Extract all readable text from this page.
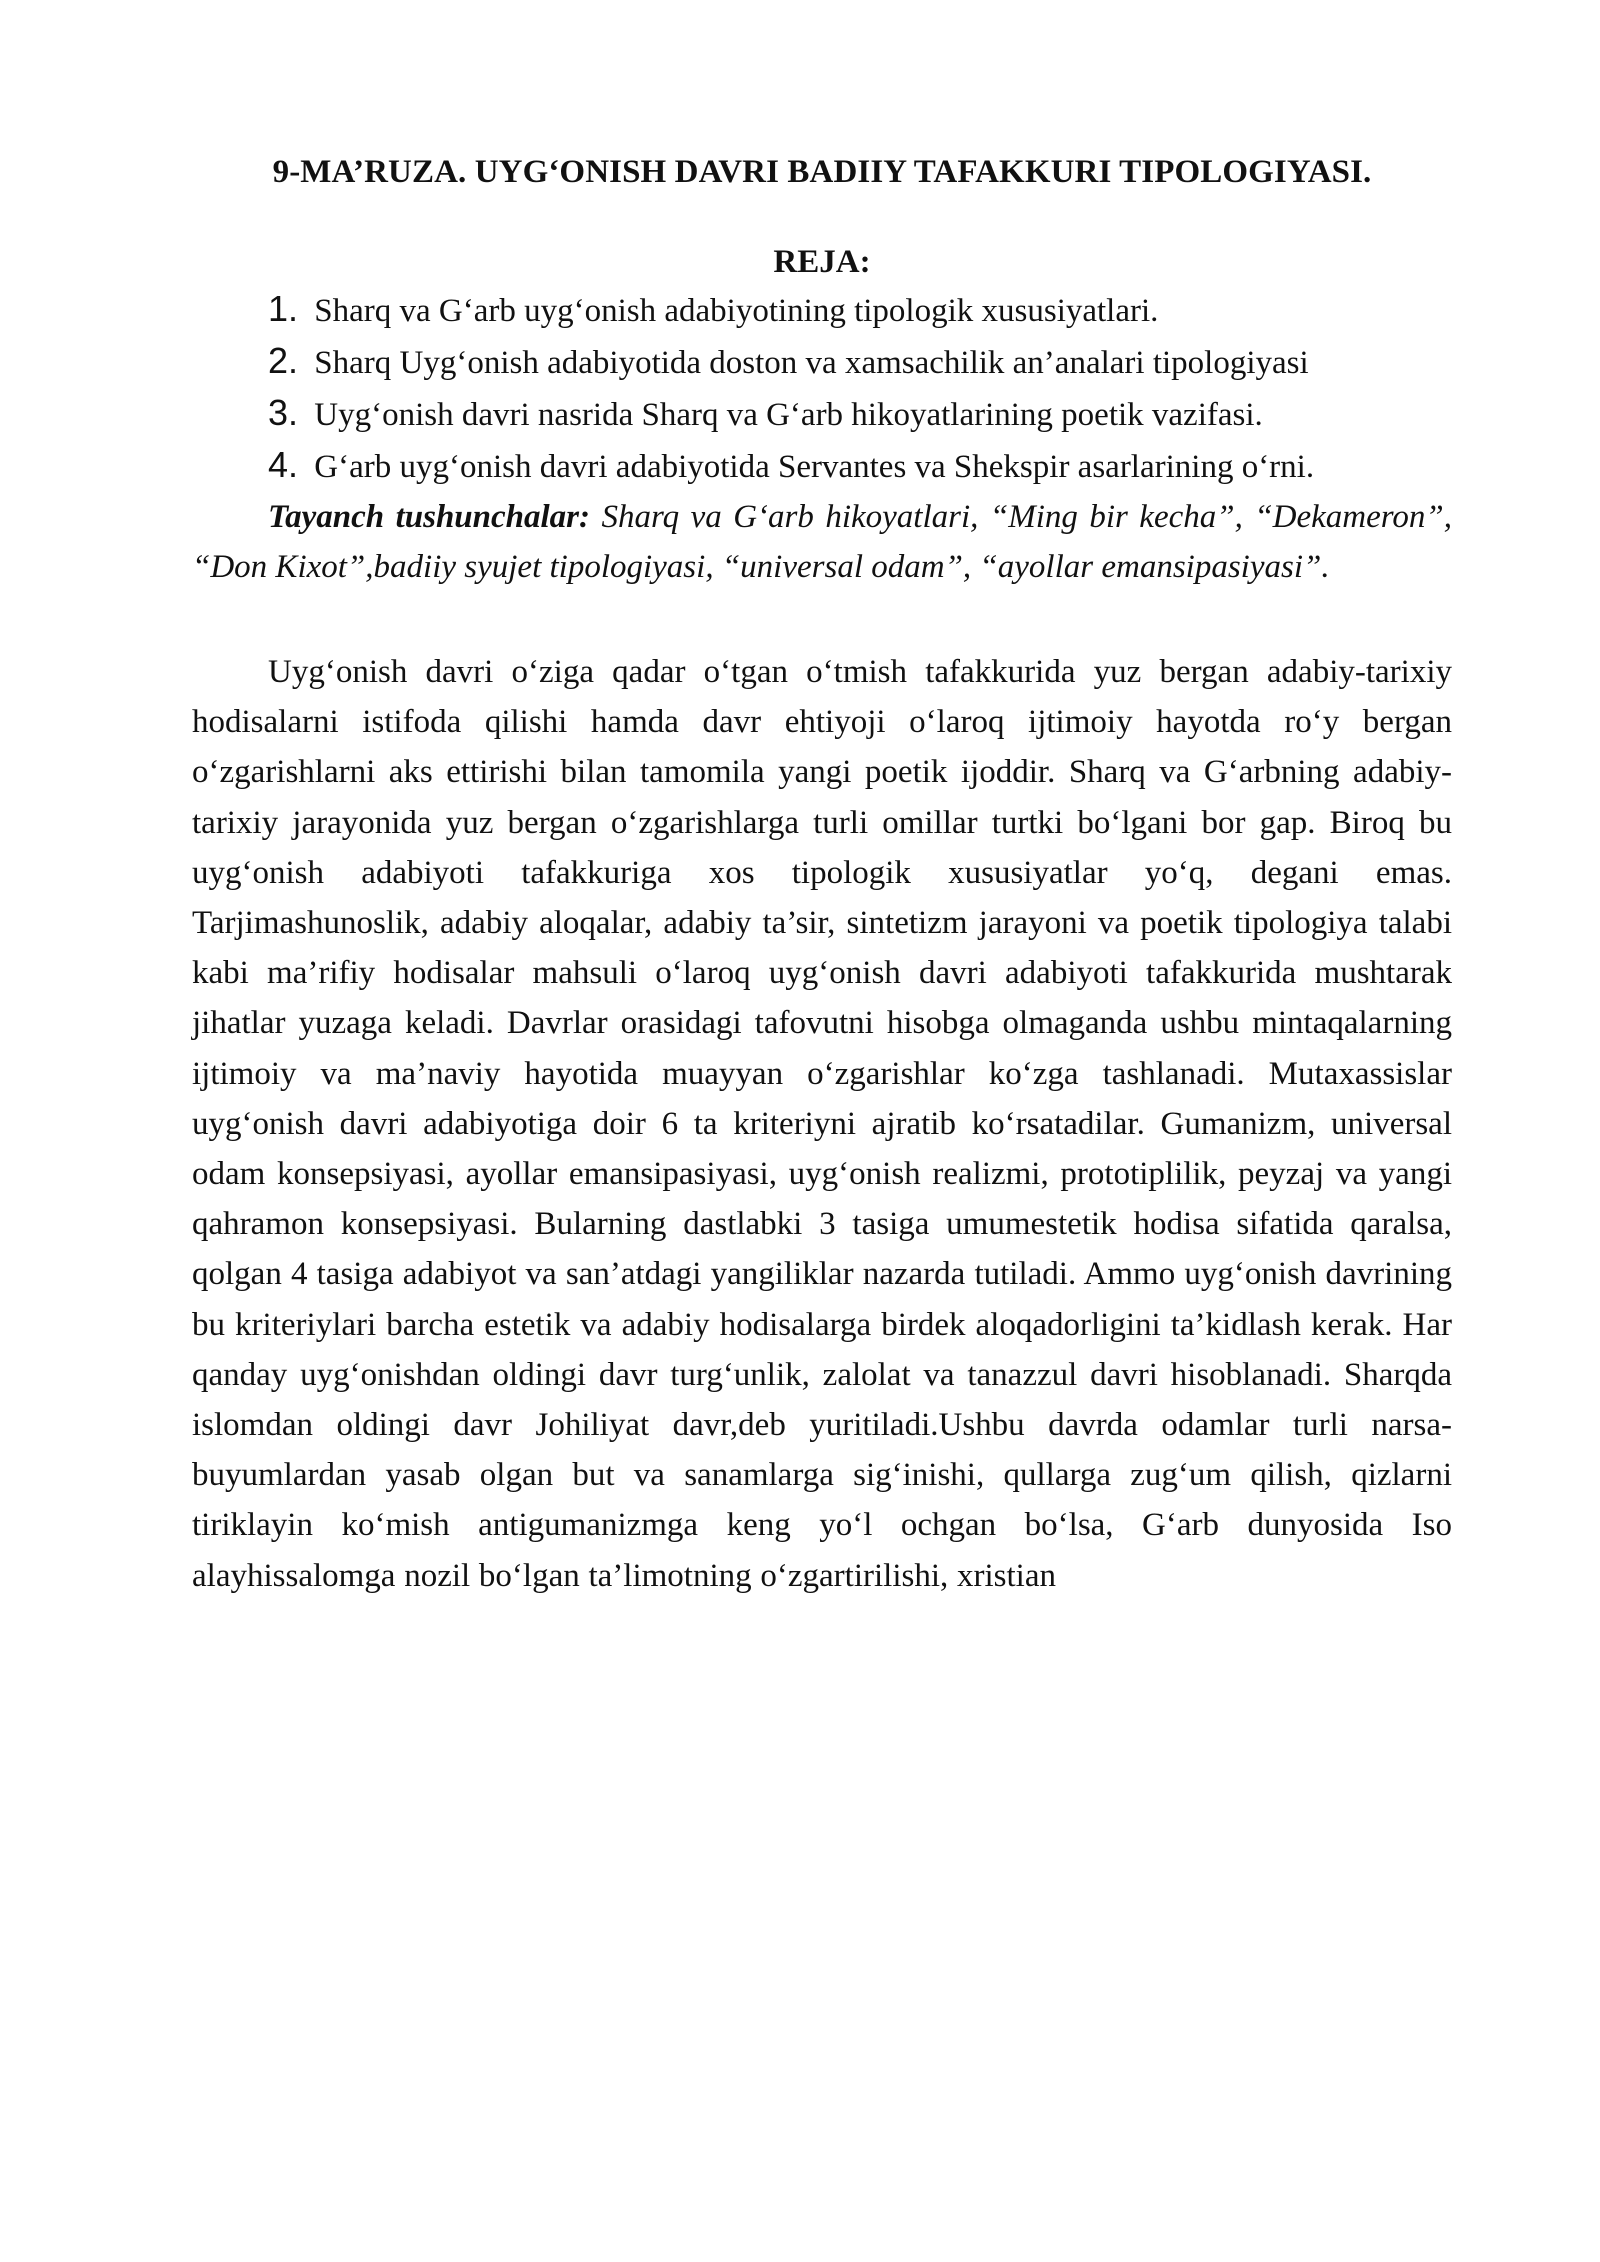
9-MA’RUZA. UYG‘ONISH DAVRI BADIIY TAFAKKURI TIPOLOGIYASI.
REJA:
1. Sharq va G‘arb uyg‘onish adabiyotining tipologik xususiyatlari.
2. Sharq Uyg‘onish adabiyotida doston va xamsachilik an’analari tipologiyasi
3. Uyg‘onish davri nasrida Sharq va G‘arb hikoyatlarining poetik vazifasi.
4. G‘arb uyg‘onish davri adabiyotida Servantes va Shekspir asarlarining o‘rni.

Tayanch tushunchalar: Sharq va G‘arb hikoyatlari, “Ming bir kecha”, “Dekameron”, “Don Kixot”,badiiy syujet tipologiyasi, “universal odam”, “ayollar emansipasiyasi”.

Uyg‘onish davri o‘ziga qadar o‘tgan o‘tmish tafakkurida yuz bergan adabiy-tarixiy hodisalarni istifoda qilishi hamda davr ehtiyoji o‘laroq ijtimoiy hayotda ro‘y bergan o‘zgarishlarni aks ettirishi bilan tamomila yangi poetik ijoddir. Sharq va G‘arbning adabiy-tarixiy jarayonida yuz bergan o‘zgarishlarga turli omillar turtki bo‘lgani bor gap. Biroq bu uyg‘onish adabiyoti tafakkuriga xos tipologik xususiyatlar yo‘q, degani emas. Tarjimashunoslik, adabiy aloqalar, adabiy ta’sir, sintetizm jarayoni va poetik tipologiya talabi kabi ma’rifiy hodisalar mahsuli o‘laroq uyg‘onish davri adabiyoti tafakkurida mushtarak jihatlar yuzaga keladi. Davrlar orasidagi tafovutni hisobga olmaganda ushbu mintaqalarning ijtimoiy va ma’naviy hayotida muayyan o‘zgarishlar ko‘zga tashlanadi. Mutaxassislar uyg‘onish davri adabiyotiga doir 6 ta kriteriyni ajratib ko‘rsatadilar. Gumanizm, universal odam konsepsiyasi, ayollar emansipasiyasi, uyg‘onish realizmi, prototiplilik, peyzaj va yangi qahramon konsepsiyasi. Bularning dastlabki 3 tasiga umumestetik hodisa sifatida qaralsa, qolgan 4 tasiga adabiyot va san’atdagi yangiliklar nazarda tutiladi. Ammo uyg‘onish davrining bu kriteriylari barcha estetik va adabiy hodisalarga birdek aloqadorligini ta’kidlash kerak. Har qanday uyg‘onishdan oldingi davr turg‘unlik, zalolat va tanazzul davri hisoblanadi. Sharqda islomdan oldingi davr Johiliyat davr,deb yuritiladi.Ushbu davrda odamlar turli narsa-buyumlardan yasab olgan but va sanamlarga sig‘inishi, qullarga zug‘um qilish, qizlarni tiriklayin ko‘mish antigumanizmga keng yo‘l ochgan bo‘lsa, G‘arb dunyosida Iso alayhissalomga nozil bo‘lgan ta’limotning o‘zgartirilishi, xristian
